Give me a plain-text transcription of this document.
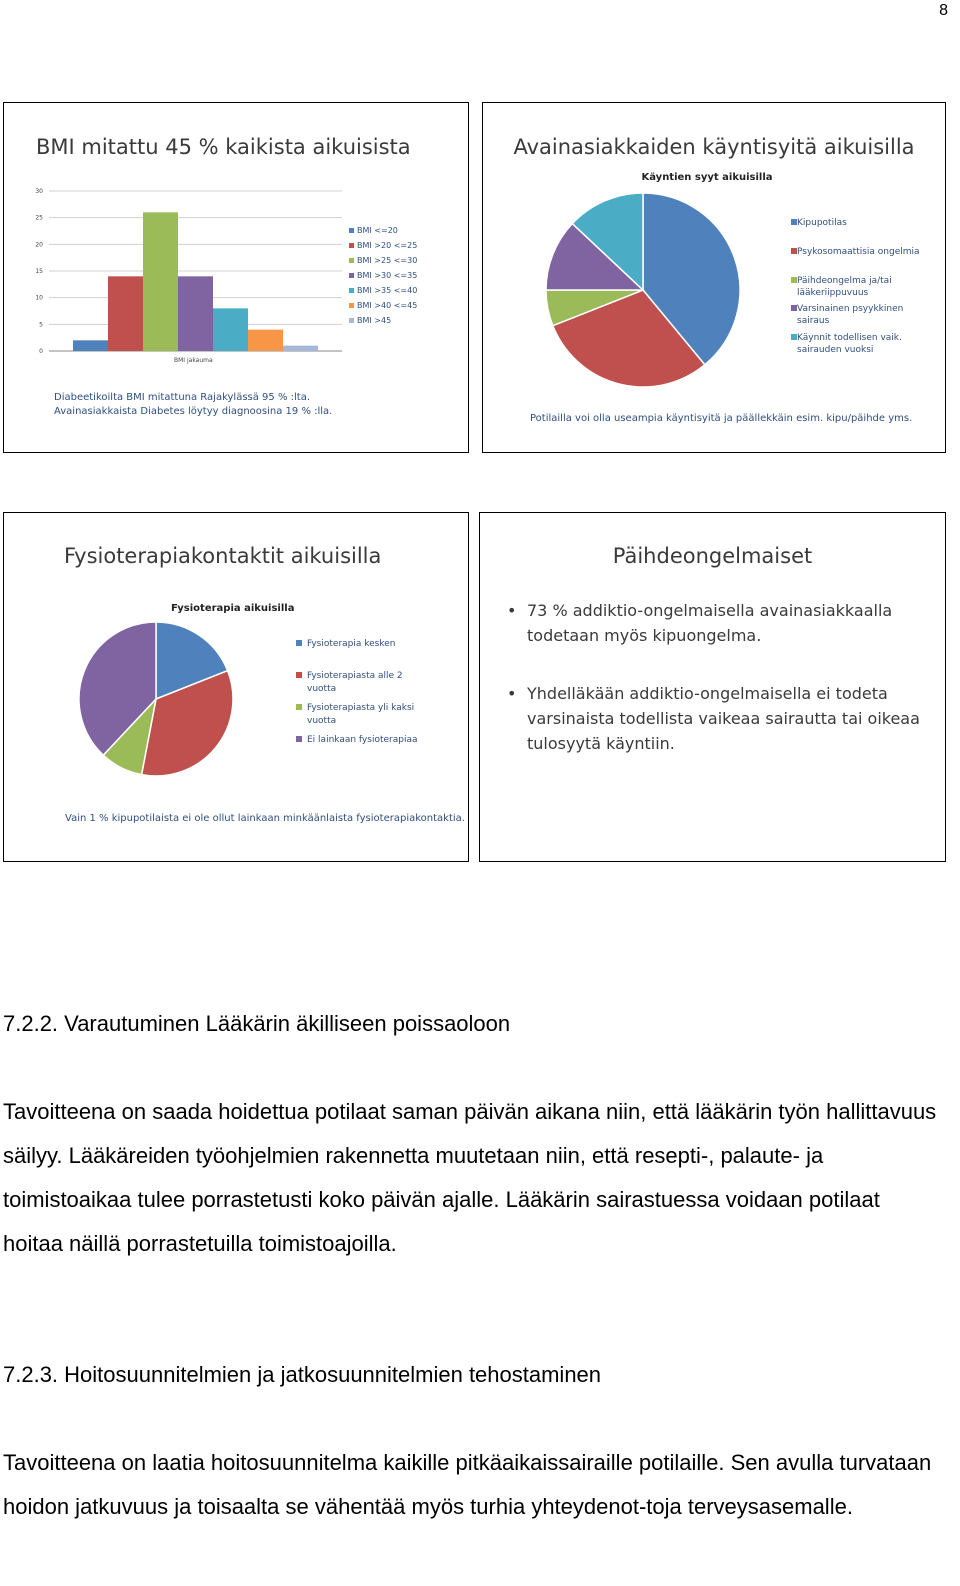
8
BMI mitattu 45 % kaikista aikuisista
0
5
10
15
20
25
30
BMI jakauma
BMI <=20
BMI >20 <=25
BMI >25 <=30
BMI >30 <=35
BMI >35 <=40
BMI >40 <=45
BMI >45
Diabeetikoilta BMI mitattuna Rajakylässä 95 % :lta.
Avainasiakkaista Diabetes löytyy diagnoosina 19 % :lla.
Avainasiakkaiden käyntisyitä aikuisilla
Käyntien syyt aikuisilla
Kipupotilas
Psykosomaattisia ongelmia
Päihdeongelma ja/tai
lääkeriippuvuus
Varsinainen psyykkinen
sairaus
Käynnit todellisen vaik.
sairauden vuoksi
Potilailla voi olla useampia käyntisyitä ja päällekkäin esim. kipu/päihde yms.
Fysioterapiakontaktit aikuisilla
Fysioterapia aikuisilla
Fysioterapia kesken
Fysioterapiasta alle 2
vuotta
Fysioterapiasta yli kaksi
vuotta
Ei lainkaan fysioterapiaa
Vain 1 % kipupotilaista ei ole ollut lainkaan minkäänlaista fysioterapiakontaktia.
Päihdeongelmaiset
• 73 % addiktio-ongelmaisella avainasiakkaalla todetaan myös kipuongelma.
• Yhdelläkään addiktio-ongelmaisella ei todeta varsinaista todellista vaikeaa sairautta tai oikeaa tulosyytä käyntiin.
7.2.2. Varautuminen Lääkärin äkilliseen poissaoloon
Tavoitteena on saada hoidettua potilaat saman päivän aikana niin, että lääkärin työn hallittavuus säilyy. Lääkäreiden työohjelmien rakennetta muutetaan niin, että resepti-, palaute- ja toimistoaikaa tulee porrastetusti koko päivän ajalle. Lääkärin sairastuessa voidaan potilaat hoitaa näillä porrastetuilla toimistoajoilla.
7.2.3. Hoitosuunnitelmien ja jatkosuunnitelmien tehostaminen
Tavoitteena on laatia hoitosuunnitelma kaikille pitkäaikaissairaille potilaille. Sen avulla turvataan hoidon jatkuvuus ja toisaalta se vähentää myös turhia yhteydenot-toja terveysasemalle.
